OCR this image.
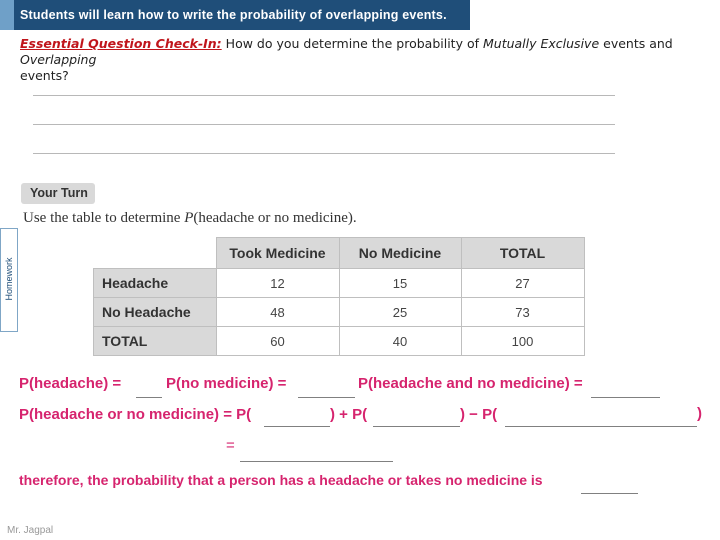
Students will learn how to write the probability of overlapping events.
Essential Question Check-In: How do you determine the probability of Mutually Exclusive events and Overlapping
events?
Homework
Your Turn
Use the table to determine P(headache or no medicine).
	Took Medicine	No Medicine	TOTAL
Headache	12	15	27
No Headache	48	25	73
TOTAL	60	40	100
P(headache) =	P(no medicine) =	P(headache and no medicine) =
P(headache or no medicine) = P(	) + P(	) − P(	)
=
therefore, the probability that a person has a headache or takes no medicine is
Mr. Jagpal
